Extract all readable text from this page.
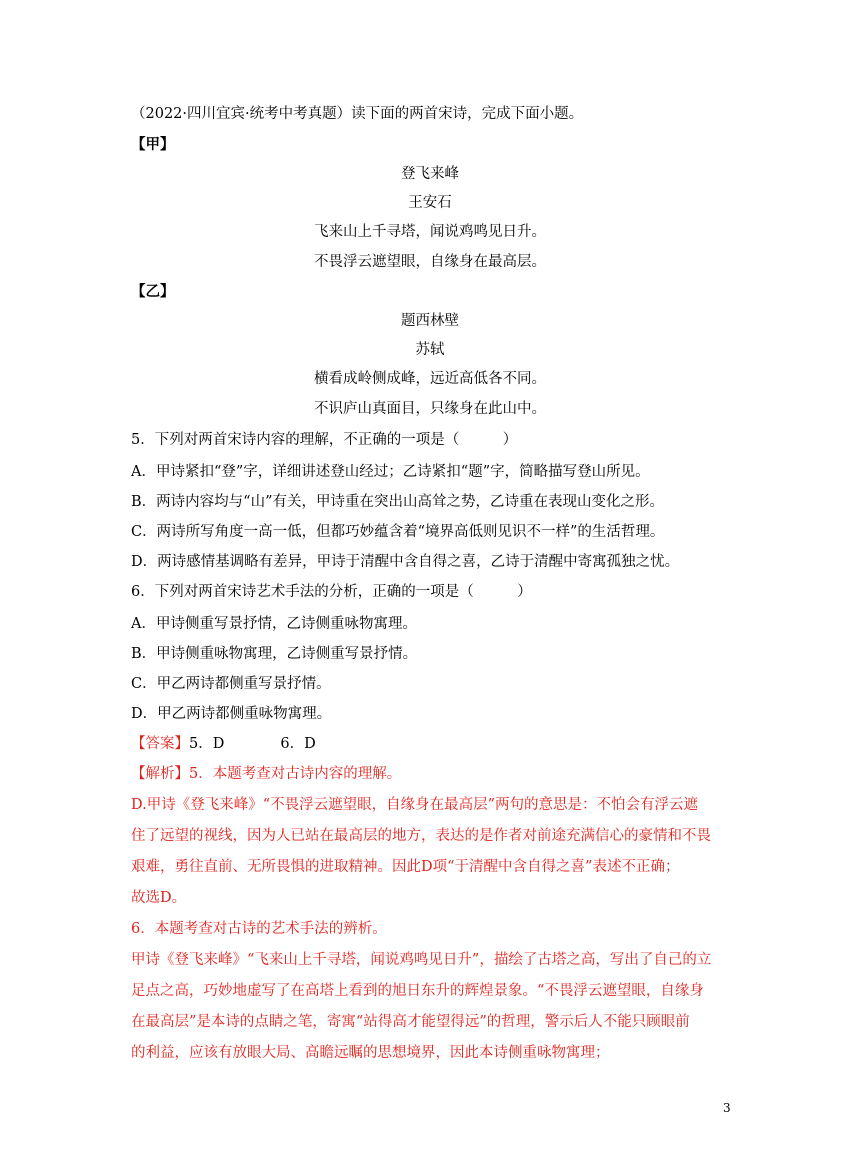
（2022·四川宜宾·统考中考真题）读下面的两首宋诗，完成下面小题。
【甲】
登飞来峰
王安石
飞来山上千寻塔，闻说鸡鸣见日升。
不畏浮云遮望眼，自缘身在最高层。
【乙】
题西林壁
苏轼
横看成岭侧成峰，远近高低各不同。
不识庐山真面目，只缘身在此山中。
5．下列对两首宋诗内容的理解，不正确的一项是（　　　）
A．甲诗紧扣“登”字，详细讲述登山经过；乙诗紧扣“题”字，简略描写登山所见。
B．两诗内容均与“山”有关，甲诗重在突出山高耸之势，乙诗重在表现山变化之形。
C．两诗所写角度一高一低，但都巧妙蕴含着“境界高低则见识不一样”的生活哲理。
D．两诗感情基调略有差异，甲诗于清醒中含自得之喜，乙诗于清醒中寄寓孤独之忧。
6．下列对两首宋诗艺术手法的分析，正确的一项是（　　　）
A．甲诗侧重写景抒情，乙诗侧重咏物寓理。
B．甲诗侧重咏物寓理，乙诗侧重写景抒情。
C．甲乙两诗都侧重写景抒情。
D．甲乙两诗都侧重咏物寓理。
【答案】5．D	6．D
【解析】5．本题考查对古诗内容的理解。
D.甲诗《登飞来峰》“不畏浮云遮望眼，自缘身在最高层”两句的意思是：不怕会有浮云遮
住了远望的视线，因为人已站在最高层的地方，表达的是作者对前途充满信心的豪情和不畏
艰难，勇往直前、无所畏惧的进取精神。因此D项“于清醒中含自得之喜”表述不正确；
故选D。
6．本题考查对古诗的艺术手法的辨析。
甲诗《登飞来峰》“飞来山上千寻塔，闻说鸡鸣见日升”，描绘了古塔之高，写出了自己的立
足点之高，巧妙地虚写了在高塔上看到的旭日东升的辉煌景象。“不畏浮云遮望眼，自缘身
在最高层”是本诗的点睛之笔，寄寓“站得高才能望得远”的哲理，警示后人不能只顾眼前
的利益，应该有放眼大局、高瞻远瞩的思想境界，因此本诗侧重咏物寓理；
3
